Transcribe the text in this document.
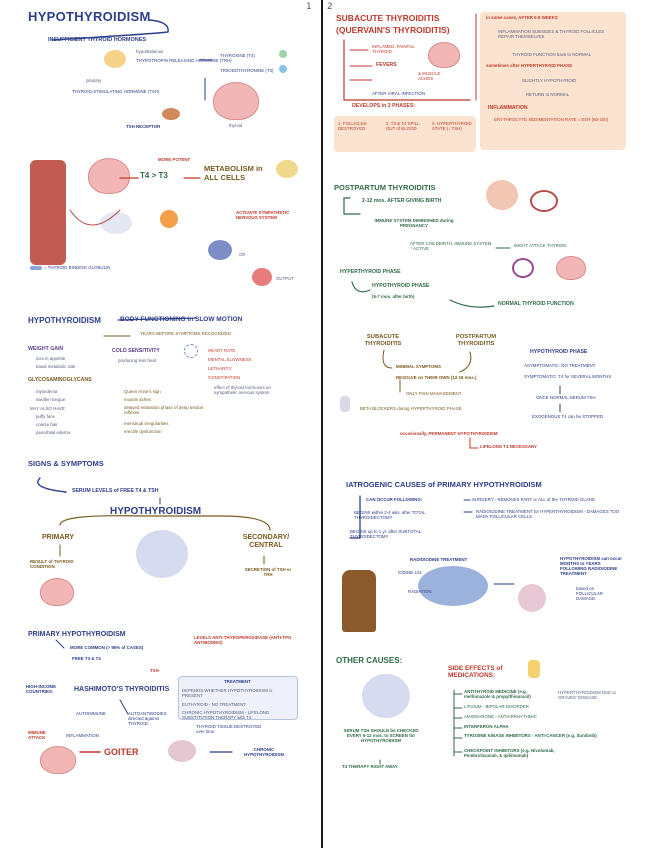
1 2
HYPOTHYROIDISM
INSUFFICIENT THYROID HORMONES
hypothalamus
THYROTROPIN RELEASING HORMONE (TRH)
pituitary
THYROID-STIMULATING HORMONE (TSH)
THYROXINE (T4)
TRIIODOTHYRONINE (T3)
thyroid
TSH RECEPTOR
MORE POTENT
T4 > T3
METABOLISM in ALL CELLS
ACTIVATE SYMPATHETIC NERVOUS SYSTEM
OR
OUTPUT
= THYROID BINDING GLOBULIN
HYPOTHYROIDISM	BODY FUNCTIONING in SLOW MOTION
YEARS BEFORE SYMPTOMS RECOGNIZED
WEIGHT GAIN
loss in appetite
basal metabolic rate
COLD SENSITIVITY
producing less heat
HEART RATE
MENTAL SLOWNESS
LETHARGY
CONSTIPATION
effect of thyroid hormones on sympathetic nervous system
GLYCOSAMINOGLYCANS
myxedema
swollen tongue
MAY ALSO HAVE:
puffy face
coarse hair
periorbital edema
Queen Anne's sign
muscle aches
delayed relaxation phase of deep tendon reflexes
menstrual irregularities
erectile dysfunction
SIGNS & SYMPTOMS
SERUM LEVELS of FREE T4 & TSH
HYPOTHYROIDISM
PRIMARY
RESULT of THYROID CONDITION
SECONDARY/ CENTRAL
SECRETION of TSH or TRH
PRIMARY HYPOTHYROIDISM
MORE COMMON (> 95% of CASES)
FREE T3 & T4
TSH
LEVELS ANTI-THYROPEROXIDASE (ANTI-TPO ANTIBODIES)
HIGH-INCOME COUNTRIES:	HASHIMOTO'S THYROIDITIS
TREATMENT
DEPENDS WHETHER HYPOTHYROIDISM is PRESENT
EUTHYROID - NO TREATMENT
CHRONIC HYPOTHYROIDISM - LIFELONG SUBSTITUTION THERAPY with T4
AUTOIMMUNE	AUTOANTIBODIES directed against THYROID
THYROID TISSUE DESTROYED over time
IMMUNE ATTACK	INFLAMMATION
GOITER	CHRONIC HYPOTHYROIDISM
SUBACUTE THYROIDITIS
(QUERVAIN'S THYROIDITIS)
INFLAMED, PAINFUL THYROID
FEVERS
& MUSCLE ACHES
AFTER VIRAL INFECTION
DEVELOPS in 3 PHASES:
1. FOLLICLES DESTROYED
2. T3 & T4 SPILL OUT of BLOOD
3. HYPERTHYROID STATE (↓ TSH)
in some cases, AFTER 6-8 WEEKS
INFLAMMATION SUBSIDES & THYROID FOLLICLES REPAIR THEMSELVES
THYROID FUNCTION back to NORMAL
sometimes after HYPERTHYROID PHASE
SLIGHTLY HYPOTHYROID
RETURN to NORMAL
INFLAMMATION
ERYTHROCYTE SEDIMENTATION RATE = ESR (60-100)
POSTPARTUM THYROIDITIS
2-12 mos. AFTER GIVING BIRTH
IMMUNE SYSTEM DIMINISHED during PREGNANCY
AFTER CHILDBIRTH, IMMUNE SYSTEM ↑ ACTIVE
MIGHT ATTACK THYROID
HYPERTHYROID PHASE
HYPOTHYROID PHASE
(5-7 mos. after birth)
NORMAL THYROID FUNCTION
SUBACUTE THYROIDITIS
POSTPARTUM THYROIDITIS
MINIMAL SYMPTOMS
RESOLVE on THEIR OWN (12-18 mos.)
ONLY PAIN MANAGEMENT
BETA BLOCKERS during HYPERTHYROID PHASE
HYPOTHYROID PHASE
ASYMPTOMATIC: NO TREATMENT
SYMPTOMATIC: T4 for SEVERAL MONTHS
ONCE NORMAL SERUM TSH
EXOGENOUS T4 can be STOPPED
occasionally, PERMANENT HYPOTHYROIDISM
LIFELONG T4 NECESSARY
IATROGENIC CAUSES of PRIMARY HYPOTHYROIDISM
CAN OCCUR FOLLOWING:	SURGERY - REMOVES PART or ALL of the THYROID GLAND
RADIOIODINE TREATMENT for HYPERTHYROIDISM - DAMAGES TOO MANY FOLLICULAR CELLS
BEGINS within 2-4 wks. after TOTAL THYROIDECTOMY
BEGINS up to 1 yr. after SUBTOTAL THYROIDECTOMY
RADIOIODINE TREATMENT
IODINE-131
RADIATION
HYPOTHYROIDISM can occur MONTHS to YEARS FOLLOWING RADIOIODINE TREATMENT
based on FOLLICULAR DAMAGE
OTHER CAUSES:
SIDE EFFECTS of MEDICATIONS:
ANTITHYROID MEDICINE (e.g. methimazole & propylthiouracil)
LITHIUM - BIPOLAR DISORDER
AMIODARONE - ANTIARRHYTHMIC
INTERFERON ALPHA
TYROSINE KINASE INHIBITORS - ANTI-CANCER (e.g. Sunitinib)
CHECKPOINT INHIBITORS (e.g. Nivolumab, Pembrolizumab, & Ipilimumab)
HYPERTHYROIDISM DUE to GRAVES' DISEASE
SERUM TSH SHOULD be CHECKED EVERY 6-12 mos. to SCREEN for HYPOTHYROIDISM
T4 THERAPY RIGHT AWAY
